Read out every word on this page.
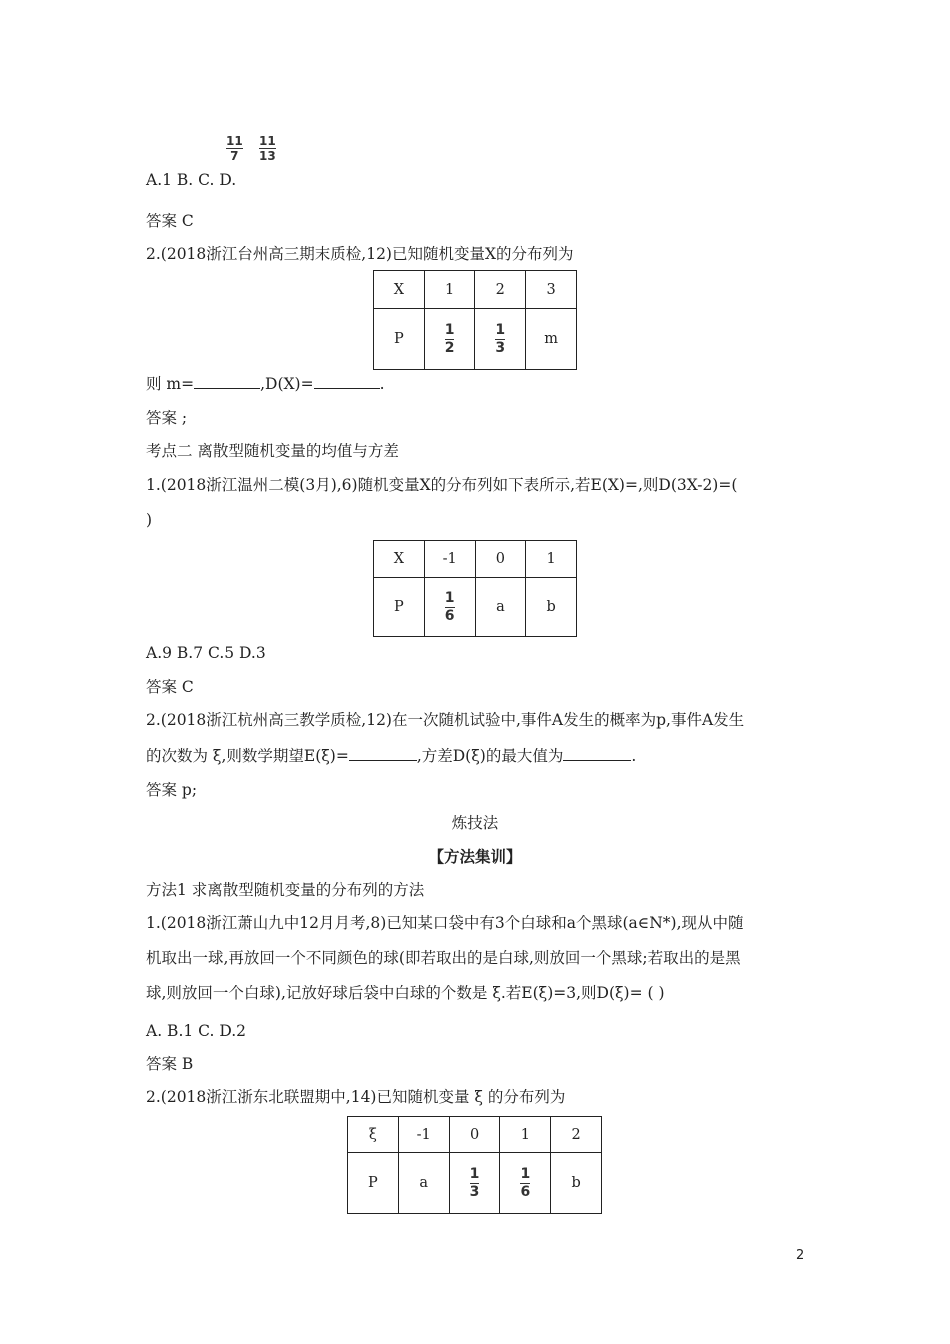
11
7
11
13
A.1 B. C. D.
答案 C
2.(2018浙江台州高三期末质检,12)已知随机变量X的分布列为
X	1	2	3
P	$\frac{1}{2}$	$\frac{1}{3}$	m
则 m=	,D(X)=	.
答案 ;
考点二 离散型随机变量的均值与方差
1.(2018浙江温州二模(3月),6)随机变量X的分布列如下表所示,若E(X)=,则D(3X-2)=(
)
X	-1	0	1
P	$\frac{1}{6}$	a	b
A.9 B.7 C.5 D.3
答案 C
2.(2018浙江杭州高三教学质检,12)在一次随机试验中,事件A发生的概率为p,事件A发生
的次数为 ξ,则数学期望E(ξ)=	,方差D(ξ)的最大值为	.
答案 p;
炼技法
【方法集训】
方法1 求离散型随机变量的分布列的方法
1.(2018浙江萧山九中12月月考,8)已知某口袋中有3个白球和a个黑球(a∈N*),现从中随
机取出一球,再放回一个不同颜色的球(即若取出的是白球,则放回一个黑球;若取出的是黑
球,则放回一个白球),记放好球后袋中白球的个数是 ξ.若E(ξ)=3,则D(ξ)= ( )
A. B.1 C. D.2
答案 B
2.(2018浙江浙东北联盟期中,14)已知随机变量 ξ 的分布列为
ξ	-1	0	1	2
P	a	$\frac{1}{3}$	$\frac{1}{6}$	b
2
